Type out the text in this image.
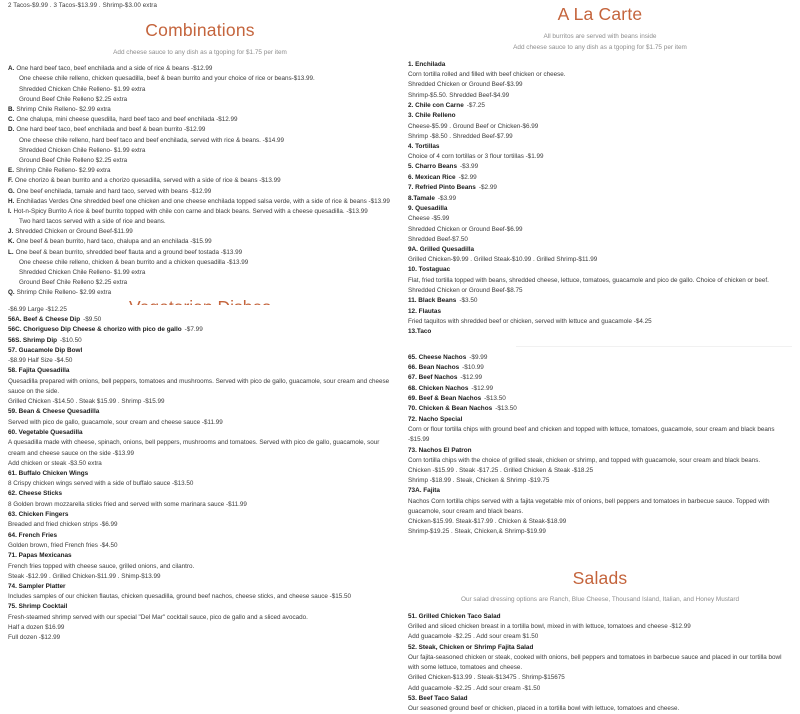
2 Tacos-$9.99 . 3 Tacos-$13.99 . Shrimp-$3.00 extra
Combinations
Add cheese sauce to any dish as a tgoping for $1.75 per item
A. One hard beef taco, beef enchilada and a side of rice & beans -$12.99
One cheese chile relleno, chicken quesadilla, beef & bean burrito and your choice of rice or beans-$13.99.
Shredded Chicken Chile Relleno- $1.99 extra
Ground Beef Chile Relleno $2.25 extra
B. Shrimp Chile Relleno- $2.99 extra
C. One chalupa, mini cheese quesdilla, hard beef taco and beef enchilada -$12.99
D. One hard beef taco, beef enchilada and beef & bean burrito -$12.99
One cheese chile relleno, hard beef taco and beef enchilada, served with rice & beans. -$14.99
Shredded Chicken Chile Relleno- $1.99 extra
Ground Beef Chile Relleno $2.25 extra
E. Shrimp Chile Relleno- $2.99 extra
F. One chorizo & bean burrito and a chorizo quesadilla, served with a side of rice & beans -$13.99
G. One beef enchilada, tamale and hard taco, served with beans -$12.99
H. Enchiladas Verdes One shredded beef one chicken and one cheese enchilada topped salsa verde, with a side of rice & beans -$13.99
I. Hot-n-Spicy Burrito A rice & beef burrito topped with chile con carne and black beans. Served with a cheese quesadilla. -$13.99
Two hard tacos served with a side of rice and beans.
J. Shredded Chicken or Ground Beef-$11.99
K. One beef & bean burrito, hard taco, chalupa and an enchilada -$15.99
L. One beef & bean burrito, shredded beef flauta and a ground beef tostada -$13.99
One cheese chile relleno, chicken & bean burrito and a chicken quesadilla -$13.99
Shredded Chicken Chile Relleno- $1.99 extra
Ground Beef Chile Relleno $2.25 extra
Q. Shrimp Chile Relleno- $2.99 extra
-$6.99 Large -$12.25
56A. Beef & Cheese Dip -$9.50
56C. Chorigueso Dip Cheese & chorizo with pico de gallo -$7.99
56S. Shrimp Dip -$10.50
57. Guacamole Dip Bowl
-$8.99 Half Size -$4.50
58. Fajita Quesadilla
Quesadilla prepared with onions, bell peppers, tomatoes and mushrooms. Served with pico de gallo, guacamole, sour cream and cheese sauce on the side.
Grilled Chicken -$14.50 . Steak $15.99 . Shrimp -$15.99
59. Bean & Cheese Quesadilla
Served with pico de gallo, guacamole, sour cream and cheese sauce -$11.99
60. Vegetable Quesadilla
A quesadilla made with cheese, spinach, onions, bell peppers, mushrooms and tomatoes. Served with pico de gallo, guacamole, sour cream and cheese sauce on the side -$13.99
Add chicken or steak -$3.50 extra
61. Buffalo Chicken Wings
8 Crispy chicken wings served with a side of buffalo sauce -$13.50
62. Cheese Sticks
8 Golden brown mozzarella sticks fried and served with some marinara sauce -$11.99
63. Chicken Fingers
Breaded and fried chicken strips -$6.99
64. French Fries
Golden brown, fried French fries -$4.50
71. Papas Mexicanas
French fries topped with cheese sauce, grilled onions, and cilantro.
Steak -$12.99 . Grilled Chicken-$11.99 . Shimp-$13.99
74. Sampler Platter
Includes samples of our chicken flautas, chicken quesadilla, ground beef nachos, cheese sticks, and cheese sauce -$15.50
75. Shrimp Cocktail
Fresh-steamed shrimp served with our special "Del Mar" cocktail sauce, pico de gallo and a sliced avocado.
Half a dozen $16.99
Full dozen -$12.99
A La Carte
All burritos are served with beans inside
Add cheese sauce to any dish as a tgoping for $1.75 per item
1. Enchilada
Corn tortilla rolled and filled with beef chicken or cheese.
Shredded Chicken or Ground Beef-$3.99
Shrimp-$5.50. Shredded Beef-$4.99
2. Chile con Carne -$7.25
3. Chile Relleno
Cheese-$5.99 . Ground Beef or Chicken-$6.99
Shrimp -$8.50 . Shredded Beef-$7.99
4. Tortillas
Choice of 4 corn tortillas or 3 flour tortillas -$1.99
5. Charro Beans -$3.99
6. Mexican Rice -$2.99
7. Refried Pinto Beans -$2.99
8.Tamale -$3.99
9. Quesadilla
Cheese -$5.99
Shredded Chicken or Ground Beef-$6.99
Shredded Beef-$7.50
9A. Grilled Quesadilla
Grilled Chicken-$9.99 . Grilled Steak-$10.99 . Grilled Shrimp-$11.99
10. Tostaguac
Flat, fried tortilla topped with beans, shredded cheese, lettuce, tomatoes, guacamole and pico de gallo. Choice of chicken or beef.
Shredded Chicken or Ground Beef-$8.75
11. Black Beans -$3.50
12. Flautas
Fried taquitos with shredded beef or chicken, served with lettuce and guacamole -$4.25
13.Taco
65. Cheese Nachos -$9.99
66. Bean Nachos -$10.99
67. Beef Nachos -$12.99
68. Chicken Nachos -$12.99
69. Beef & Bean Nachos -$13.50
70. Chicken & Bean Nachos -$13.50
72. Nacho Special
Corn or flour tortilla chips with ground beef and chicken and topped with lettuce, tomatoes, guacamole, sour cream and black beans -$15.99
73. Nachos El Patron
Corn tortilla chips with the choice of grilled steak, chicken or shrimp, and topped with guacamole, sour cream and black beans.
Chicken -$15.99 . Steak -$17.25 . Grilled Chicken & Steak -$18.25
Shrimp -$18.99 . Steak, Chicken & Shrimp -$19.75
73A. Fajita
Nachos Corn tortilla chips served with a fajita vegetable mix of onions, bell peppers and tomatoes in barbecue sauce. Topped with guacamole, sour cream and black beans.
Chicken-$15.99. Steak-$17.99 . Chicken & Steak-$18.99
Shrimp-$19.25 . Steak, Chicken,& Shrimp-$19.99
Salads
Our salad dressing options are Ranch, Blue Cheese, Thousand Island, Italian, and Honey Mustard
51. Grilled Chicken Taco Salad
Grilled and sliced chicken breast in a tortilla bowl, mixed in with lettuce, tomatoes and cheese -$12.99
Add guacamole -$2.25 . Add sour cream $1.50
52. Steak, Chicken or Shrimp Fajita Salad
Our fajita-seasoned chicken or steak, cooked with onions, bell peppers and tomatoes in barbecue sauce and placed in our tortilla bowl with some lettuce, tomatoes and cheese.
Grilled Chicken-$13.99 . Steak-$13475 . Shrimp-$15675
Add guacamole -$2.25 . Add sour cream -$1.50
53. Beef Taco Salad
Our seasoned ground beef or chicken, placed in a tortilla bowl with lettuce, tomatoes and cheese.
